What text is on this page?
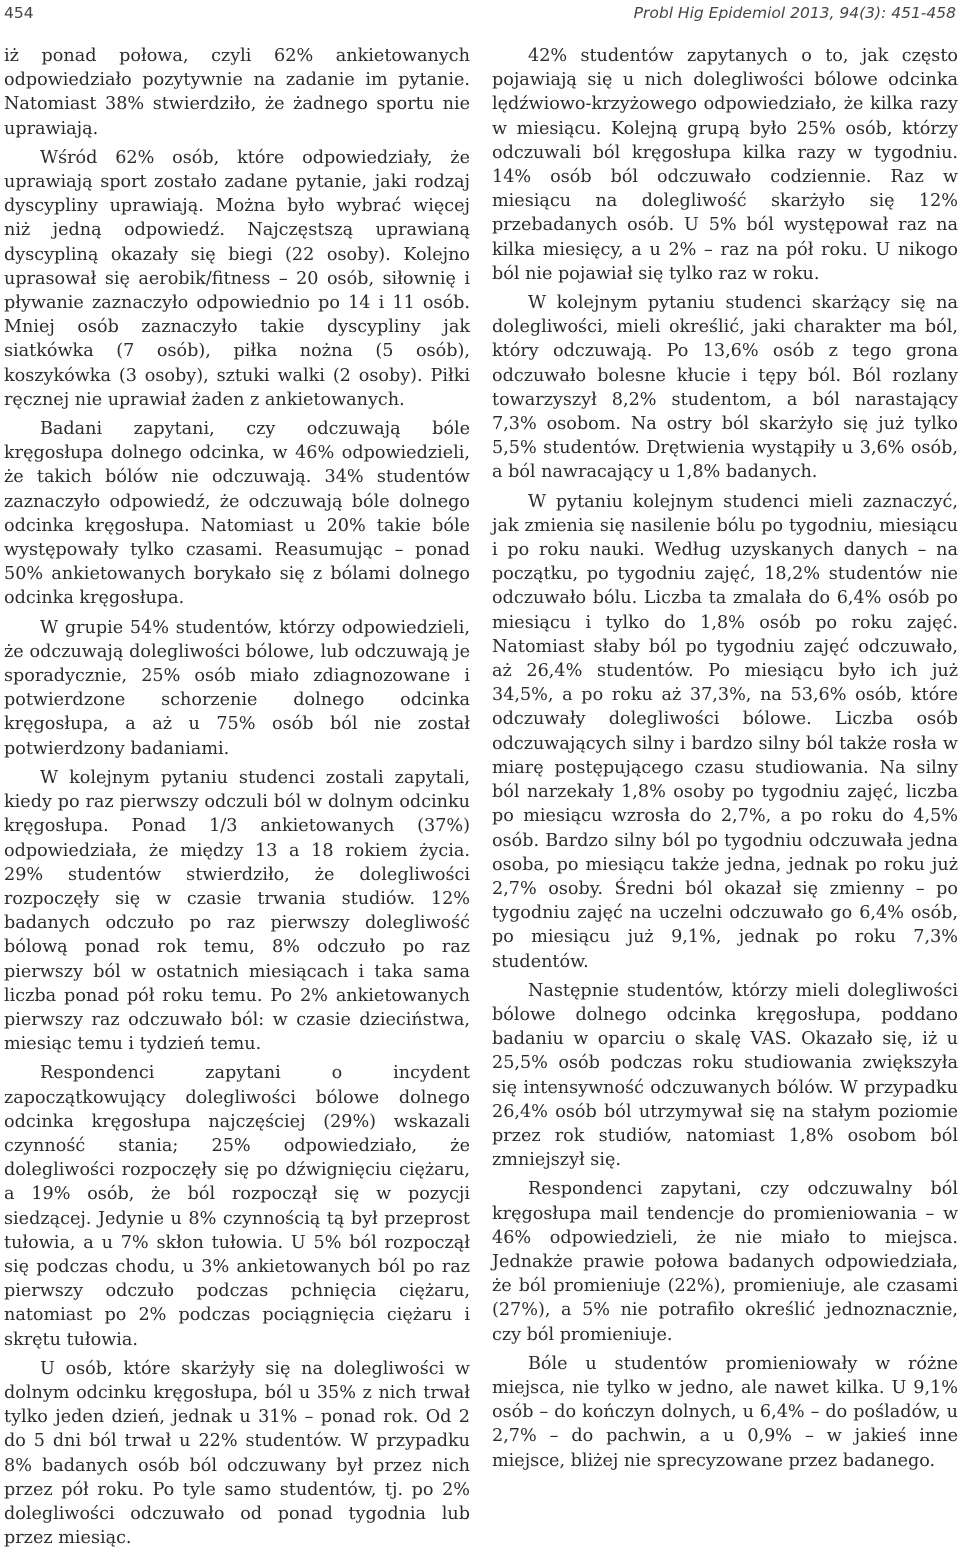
454	Probl Hig Epidemiol 2013, 94(3): 451-458

iż ponad połowa, czyli 62% ankietowanych odpowiedziało pozytywnie na zadanie im pytanie. Natomiast 38% stwierdziło, że żadnego sportu nie uprawiają.

Wśród 62% osób, które odpowiedziały, że uprawiają sport zostało zadane pytanie, jaki rodzaj dyscypliny uprawiają. Można było wybrać więcej niż jedną odpowiedź. Najczęstszą uprawianą dyscypliną okazały się biegi (22 osoby). Kolejno uprasował się aerobik/fitness – 20 osób, siłownię i pływanie zaznaczyło odpowiednio po 14 i 11 osób. Mniej osób zaznaczyło takie dyscypliny jak siatkówka (7 osób), piłka nożna (5 osób), koszykówka (3 osoby), sztuki walki (2 osoby). Piłki ręcznej nie uprawiał żaden z ankietowanych.

Badani zapytani, czy odczuwają bóle kręgosłupa dolnego odcinka, w 46% odpowiedzieli, że takich bólów nie odczuwają. 34% studentów zaznaczyło odpowiedź, że odczuwają bóle dolnego odcinka kręgosłupa. Natomiast u 20% takie bóle występowały tylko czasami. Reasumując – ponad 50% ankietowanych borykało się z bólami dolnego odcinka kręgosłupa.

W grupie 54% studentów, którzy odpowiedzieli, że odczuwają dolegliwości bólowe, lub odczuwają je sporadycznie, 25% osób miało zdiagnozowane i potwierdzone schorzenie dolnego odcinka kręgosłupa, a aż u 75% osób ból nie został potwierdzony badaniami.

W kolejnym pytaniu studenci zostali zapytali, kiedy po raz pierwszy odczuli ból w dolnym odcinku kręgosłupa. Ponad 1/3 ankietowanych (37%) odpowiedziała, że między 13 a 18 rokiem życia. 29% studentów stwierdziło, że dolegliwości rozpoczęły się w czasie trwania studiów. 12% badanych odczuło po raz pierwszy dolegliwość bólową ponad rok temu, 8% odczuło po raz pierwszy ból w ostatnich miesiącach i taka sama liczba ponad pół roku temu. Po 2% ankietowanych pierwszy raz odczuwało ból: w czasie dzieciństwa, miesiąc temu i tydzień temu.

Respondenci zapytani o incydent zapoczątkowujący dolegliwości bólowe dolnego odcinka kręgosłupa najczęściej (29%) wskazali czynność stania; 25% odpowiedziało, że dolegliwości rozpoczęły się po dźwignięciu ciężaru, a 19% osób, że ból rozpoczął się w pozycji siedzącej. Jedynie u 8% czynnością tą był przeprost tułowia, a u 7% skłon tułowia. U 5% ból rozpoczął się podczas chodu, u 3% ankietowanych ból po raz pierwszy odczuło podczas pchnięcia ciężaru, natomiast po 2% podczas pociągnięcia ciężaru i skrętu tułowia.

U osób, które skarżyły się na dolegliwości w dolnym odcinku kręgosłupa, ból u 35% z nich trwał tylko jeden dzień, jednak u 31% – ponad rok. Od 2 do 5 dni ból trwał u 22% studentów. W przypadku 8% badanych osób ból odczuwany był przez nich przez pół roku. Po tyle samo studentów, tj. po 2% dolegliwości odczuwało od ponad tygodnia lub przez miesiąc.

42% studentów zapytanych o to, jak często pojawiają się u nich dolegliwości bólowe odcinka lędźwiowo-krzyżowego odpowiedziało, że kilka razy w miesiącu. Kolejną grupą było 25% osób, którzy odczuwali ból kręgosłupa kilka razy w tygodniu. 14% osób ból odczuwało codziennie. Raz w miesiącu na dolegliwość skarżyło się 12% przebadanych osób. U 5% ból występował raz na kilka miesięcy, a u 2% – raz na pół roku. U nikogo ból nie pojawiał się tylko raz w roku.

W kolejnym pytaniu studenci skarżący się na dolegliwości, mieli określić, jaki charakter ma ból, który odczuwają. Po 13,6% osób z tego grona odczuwało bolesne kłucie i tępy ból. Ból rozlany towarzyszył 8,2% studentom, a ból narastający 7,3% osobom. Na ostry ból skarżyło się już tylko 5,5% studentów. Drętwienia wystąpiły u 3,6% osób, a ból nawracający u 1,8% badanych.

W pytaniu kolejnym studenci mieli zaznaczyć, jak zmienia się nasilenie bólu po tygodniu, miesiącu i po roku nauki. Według uzyskanych danych – na początku, po tygodniu zajęć, 18,2% studentów nie odczuwało bólu. Liczba ta zmalała do 6,4% osób po miesiącu i tylko do 1,8% osób po roku zajęć. Natomiast słaby ból po tygodniu zajęć odczuwało, aż 26,4% studentów. Po miesiącu było ich już 34,5%, a po roku aż 37,3%, na 53,6% osób, które odczuwały dolegliwości bólowe. Liczba osób odczuwających silny i bardzo silny ból także rosła w miarę postępującego czasu studiowania. Na silny ból narzekały 1,8% osoby po tygodniu zajęć, liczba po miesiącu wzrosła do 2,7%, a po roku do 4,5% osób. Bardzo silny ból po tygodniu odczuwała jedna osoba, po miesiącu także jedna, jednak po roku już 2,7% osoby. Średni ból okazał się zmienny – po tygodniu zajęć na uczelni odczuwało go 6,4% osób, po miesiącu już 9,1%, jednak po roku 7,3% studentów.

Następnie studentów, którzy mieli dolegliwości bólowe dolnego odcinka kręgosłupa, poddano badaniu w oparciu o skalę VAS. Okazało się, iż u 25,5% osób podczas roku studiowania zwiększyła się intensywność odczuwanych bólów. W przypadku 26,4% osób ból utrzymywał się na stałym poziomie przez rok studiów, natomiast 1,8% osobom ból zmniejszył się.

Respondenci zapytani, czy odczuwalny ból kręgosłupa mail tendencje do promieniowania – w 46% odpowiedzieli, że nie miało to miejsca. Jednakże prawie połowa badanych odpowiedziała, że ból promieniuje (22%), promieniuje, ale czasami (27%), a 5% nie potrafiło określić jednoznacznie, czy ból promieniuje.

Bóle u studentów promieniowały w różne miejsca, nie tylko w jedno, ale nawet kilka. U 9,1% osób – do kończyn dolnych, u 6,4% – do pośladów, u 2,7% – do pachwin, a u 0,9% – w jakieś inne miejsce, bliżej nie sprecyzowane przez badanego.
